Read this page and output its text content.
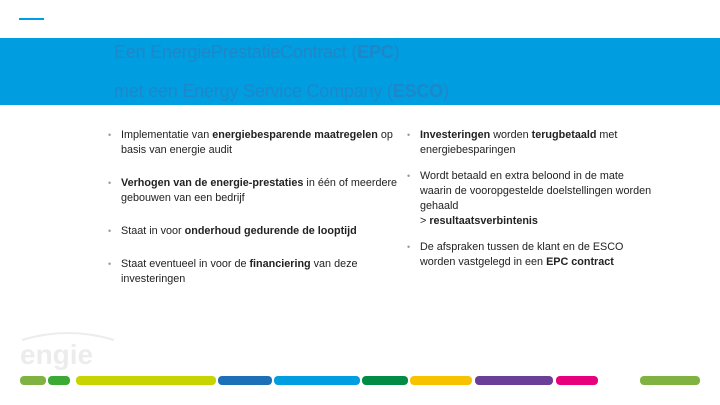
Een EnergiePrestatieContract (EPC)
met een Energy Service Company (ESCO)
• Implementatie van energiebesparende maatregelen op basis van energie audit
• Verhogen van de energie-prestaties in één of meerdere gebouwen van een bedrijf
• Staat in voor onderhoud gedurende de looptijd
• Staat eventueel in voor de financiering van deze investeringen
• Investeringen worden terugbetaald met energiebesparingen
• Wordt betaald en extra beloond in de mate waarin de vooropgestelde doelstellingen worden gehaald
> resultaatsverbintenis
• De afspraken tussen de klant en de ESCO worden vastgelegd in een EPC contract
engie
